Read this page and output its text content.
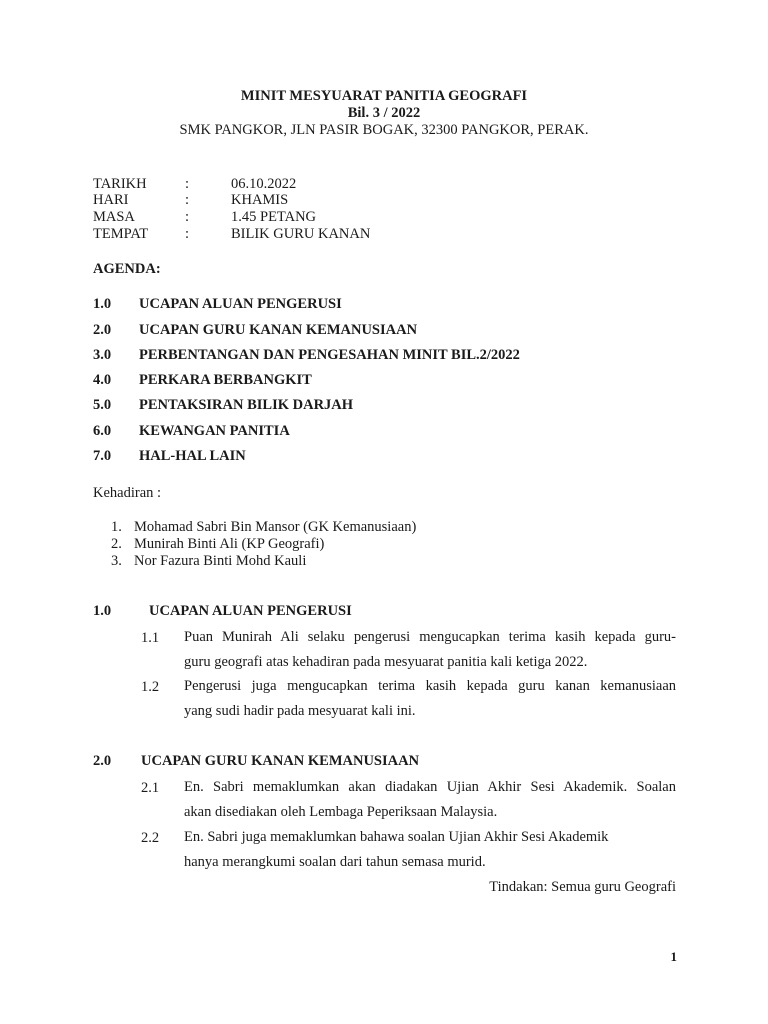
MINIT MESYUARAT PANITIA GEOGRAFI
Bil. 3 / 2022
SMK PANGKOR, JLN PASIR BOGAK, 32300 PANGKOR, PERAK.
TARIKH	:	06.10.2022
HARI	:	KHAMIS
MASA	:	1.45 PETANG
TEMPAT	:	BILIK GURU KANAN
AGENDA:
1.0 UCAPAN ALUAN PENGERUSI
2.0 UCAPAN GURU KANAN KEMANUSIAAN
3.0 PERBENTANGAN DAN PENGESAHAN MINIT BIL.2/2022
4.0 PERKARA BERBANGKIT
5.0 PENTAKSIRAN BILIK DARJAH
6.0 KEWANGAN PANITIA
7.0 HAL-HAL LAIN
Kehadiran :
1. Mohamad Sabri Bin Mansor (GK Kemanusiaan)
2. Munirah Binti Ali (KP Geografi)
3. Nor Fazura Binti Mohd Kauli
1.0	UCAPAN ALUAN PENGERUSI
1.1 Puan Munirah Ali selaku pengerusi mengucapkan terima kasih kepada guru-
guru geografi atas kehadiran pada mesyuarat panitia kali ketiga 2022.
1.2 Pengerusi juga mengucapkan terima kasih kepada guru kanan kemanusiaan
yang sudi hadir pada mesyuarat kali ini.
2.0 UCAPAN GURU KANAN KEMANUSIAAN
2.1 En. Sabri memaklumkan akan diadakan Ujian Akhir Sesi Akademik. Soalan
akan disediakan oleh Lembaga Peperiksaan Malaysia.
2.2 En. Sabri juga memaklumkan bahawa soalan Ujian Akhir Sesi Akademik
hanya merangkumi soalan dari tahun semasa murid.
Tindakan: Semua guru Geografi
1
